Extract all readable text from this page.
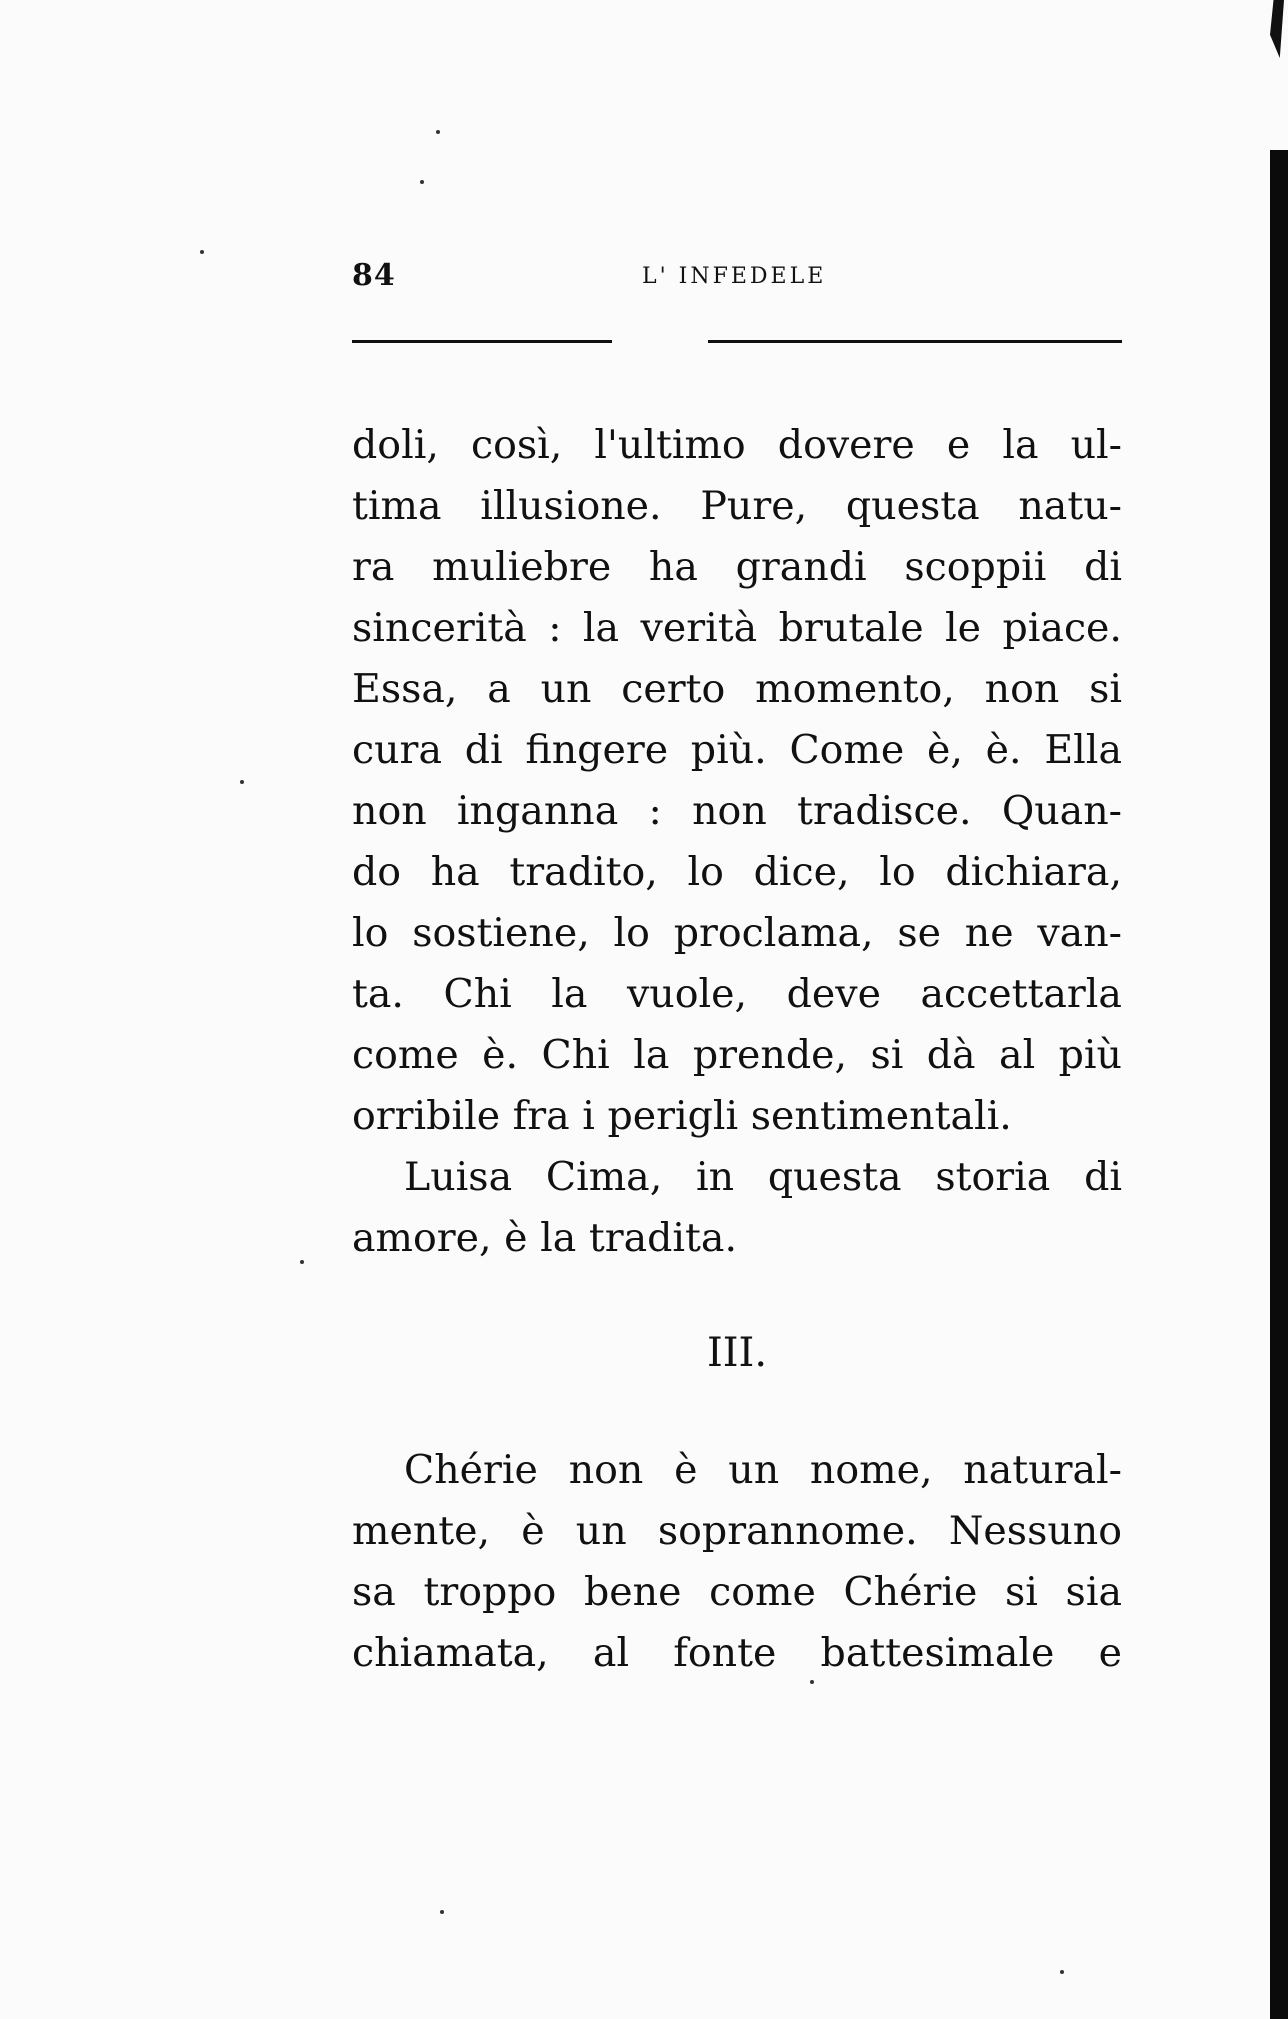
84	L' INFEDELE
doli, così, l'ultimo dovere e la ul-
tima illusione. Pure, questa natu-
ra muliebre ha grandi scoppii di
sincerità : la verità brutale le piace.
Essa, a un certo momento, non si
cura di fingere più. Come è, è. Ella
non inganna : non tradisce. Quan-
do ha tradito, lo dice, lo dichiara,
lo sostiene, lo proclama, se ne van-
ta. Chi la vuole, deve accettarla
come è. Chi la prende, si dà al più
orribile fra i perigli sentimentali.
Luisa Cima, in questa storia di
amore, è la tradita.
III.
Chérie non è un nome, natural-
mente, è un soprannome. Nessuno
sa troppo bene come Chérie si sia
chiamata, al fonte battesimale e
